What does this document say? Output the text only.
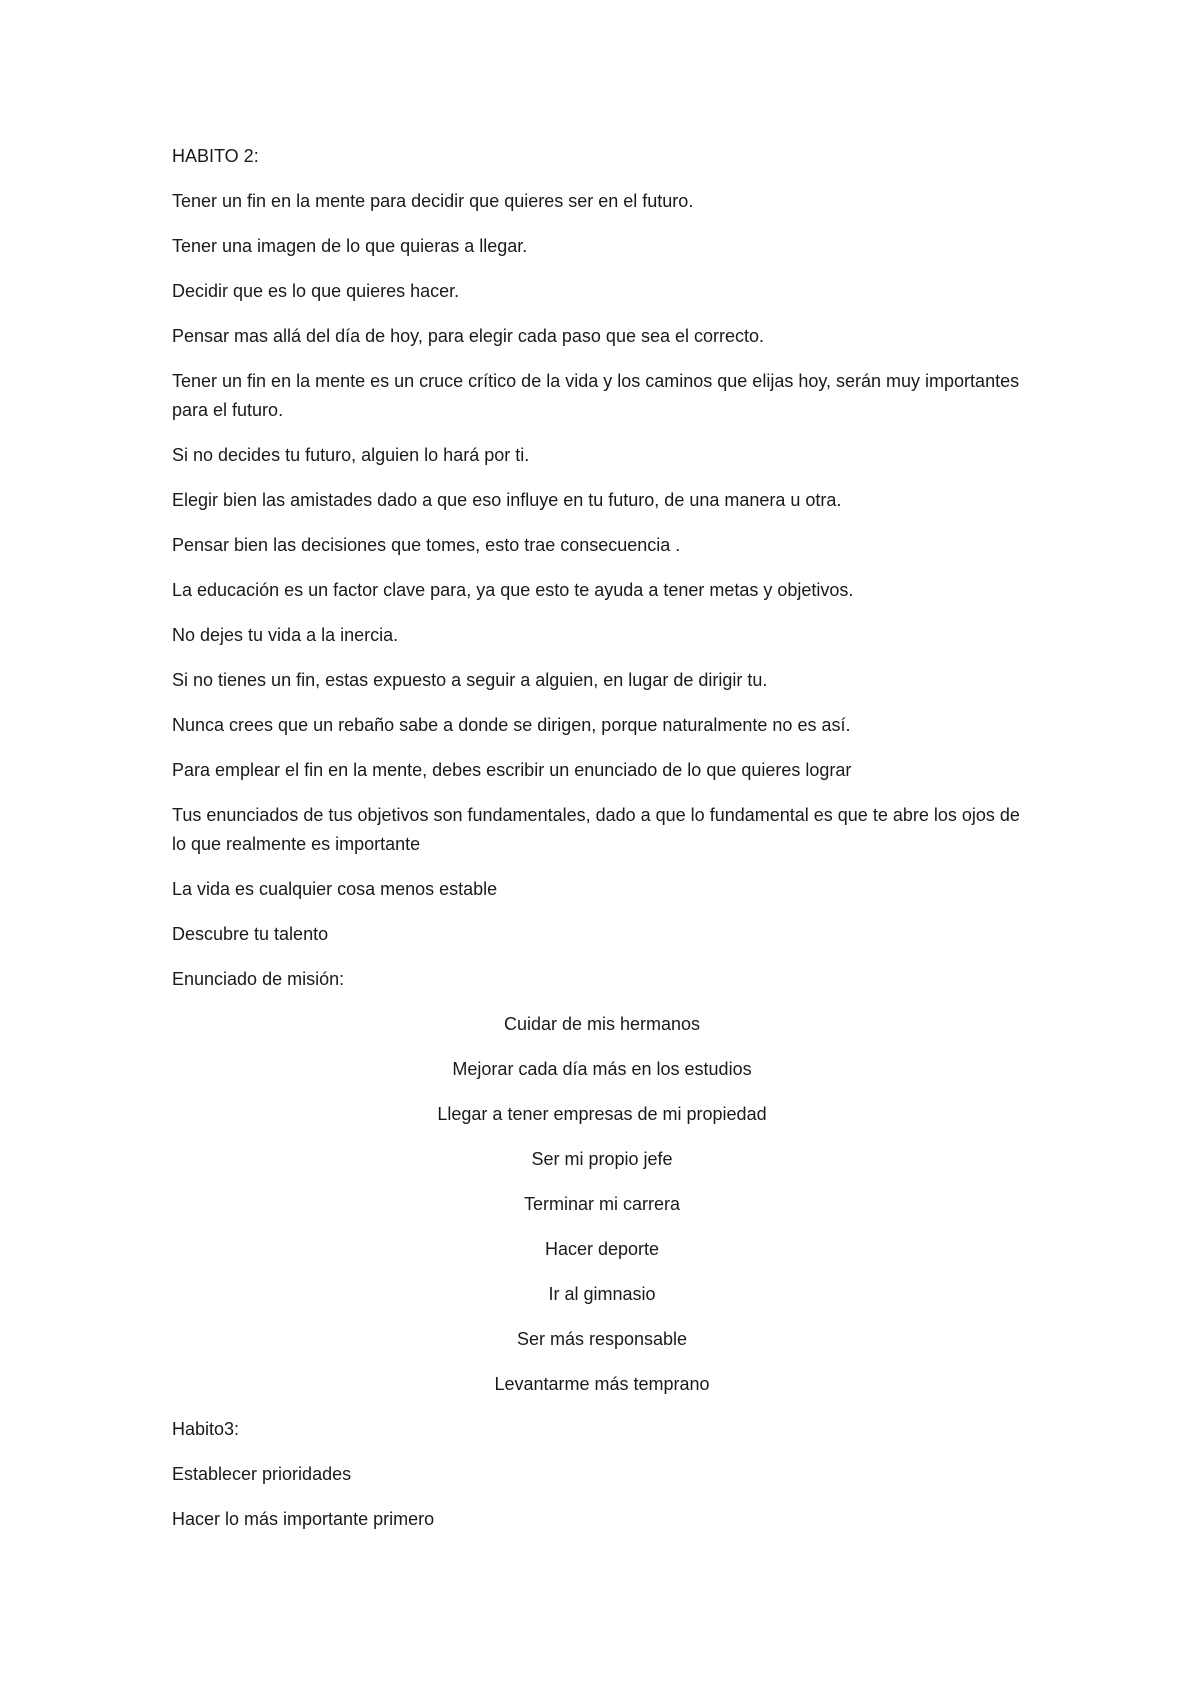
HABITO 2:

Tener un fin en la mente para decidir que quieres ser en el futuro.

Tener una imagen de lo que quieras a llegar.

Decidir que es lo que quieres hacer.

Pensar mas allá del día de hoy, para elegir cada paso que sea el correcto.

Tener un fin en la mente es un cruce crítico de la vida y los caminos que elijas hoy, serán muy importantes para el futuro.

Si no decides tu futuro, alguien lo hará por ti.

Elegir bien las amistades dado a que eso influye en tu futuro, de una manera u otra.

Pensar bien las decisiones que tomes, esto trae consecuencia .

La educación es un factor clave para, ya que esto te ayuda a tener metas y objetivos.

No dejes tu vida a la inercia.

Si no tienes un fin, estas expuesto a seguir a alguien, en lugar de dirigir tu.

Nunca crees que un rebaño sabe a donde se dirigen, porque naturalmente no es así.

Para emplear el fin en la mente, debes escribir un enunciado de lo que quieres lograr

Tus enunciados de tus objetivos son fundamentales, dado a que lo fundamental es que te abre los ojos de lo que realmente es importante

La vida es cualquier cosa menos estable

Descubre tu talento

Enunciado de misión:

Cuidar de mis hermanos

Mejorar cada día más en los estudios

Llegar a tener empresas de mi propiedad

Ser mi propio jefe

Terminar mi carrera

Hacer deporte

Ir al gimnasio

Ser más responsable

Levantarme más temprano

Habito3:

Establecer prioridades

Hacer lo más importante primero
